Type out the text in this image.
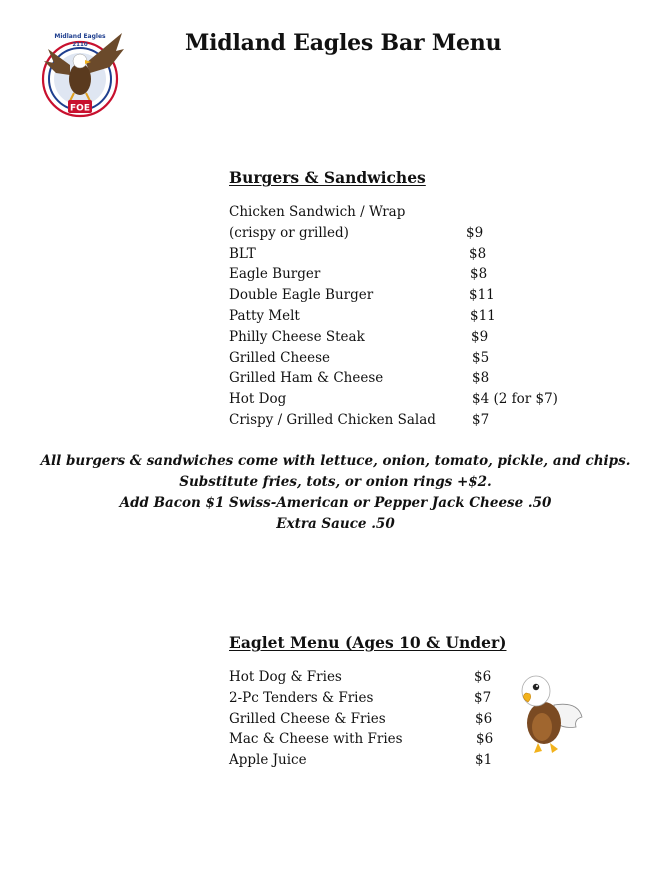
FOE
Midland Eagles
2110	Midland Eagles Bar Menu
Burgers & Sandwiches
Chicken Sandwich / Wrap
(crispy or grilled)	$9
BLT	$8
Eagle Burger	$8
Double Eagle Burger	$11
Patty Melt	$11
Philly Cheese Steak	$9
Grilled Cheese	$5
Grilled Ham & Cheese	$8
Hot Dog	$4 (2 for $7)
Crispy / Grilled Chicken Salad	$7
All burgers & sandwiches come with lettuce, onion, tomato, pickle, and chips.
Substitute fries, tots, or onion rings +$2.
Add Bacon $1 Swiss-American or Pepper Jack Cheese .50
Extra Sauce .50
Eaglet Menu (Ages 10 & Under)
Hot Dog & Fries	$6
2-Pc Tenders & Fries	$7
Grilled Cheese & Fries	$6
Mac & Cheese with Fries	$6
Apple Juice	$1
